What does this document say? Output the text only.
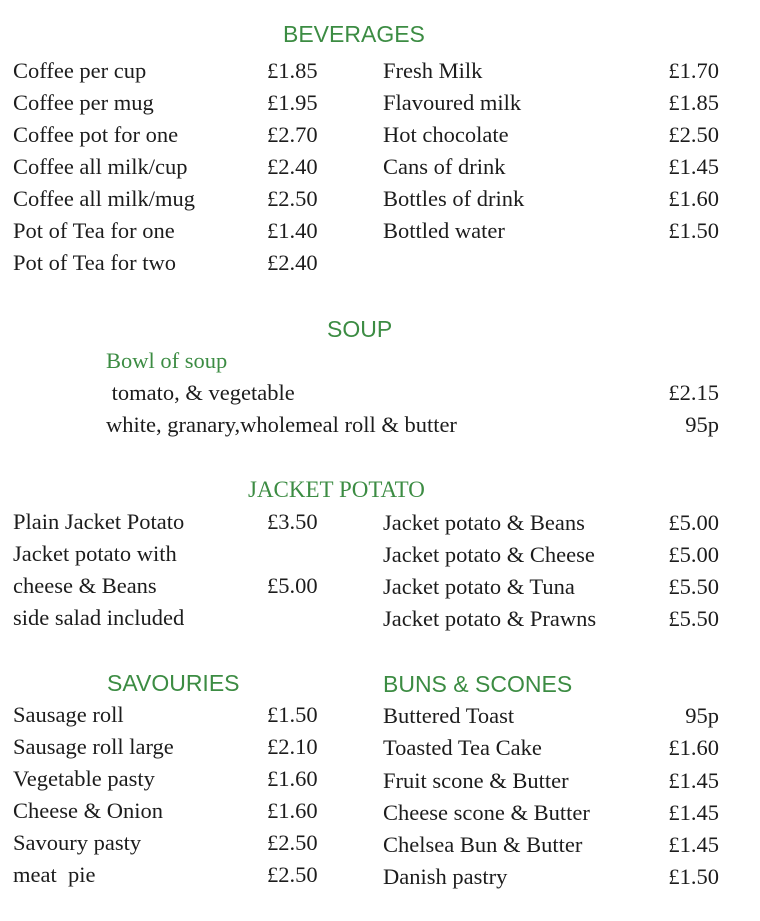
BEVERAGES
Coffee per cup	£1.85
Coffee per mug	£1.95
Coffee pot for one	£2.70
Coffee all milk/cup	£2.40
Coffee all milk/mug	£2.50
Pot of Tea for one	£1.40
Pot of Tea for two	£2.40
Fresh Milk	£1.70
Flavoured milk	£1.85
Hot chocolate	£2.50
Cans of drink	£1.45
Bottles of drink	£1.60
Bottled water	£1.50
SOUP
Bowl of soup
tomato, & vegetable	£2.15
white, granary,wholemeal roll & butter	95p
JACKET POTATO
Plain Jacket Potato	£3.50
Jacket potato with
cheese & Beans	£5.00
side salad included
Jacket potato & Beans	£5.00
Jacket potato & Cheese	£5.00
Jacket potato & Tuna	£5.50
Jacket potato & Prawns	£5.50
SAVOURIES
Sausage roll	£1.50
Sausage roll large	£2.10
Vegetable pasty	£1.60
Cheese & Onion	£1.60
Savoury pasty	£2.50
meat  pie	£2.50
BUNS & SCONES
Buttered Toast	95p
Toasted Tea Cake	£1.60
Fruit scone & Butter	£1.45
Cheese scone & Butter	£1.45
Chelsea Bun & Butter	£1.45
Danish pastry	£1.50
